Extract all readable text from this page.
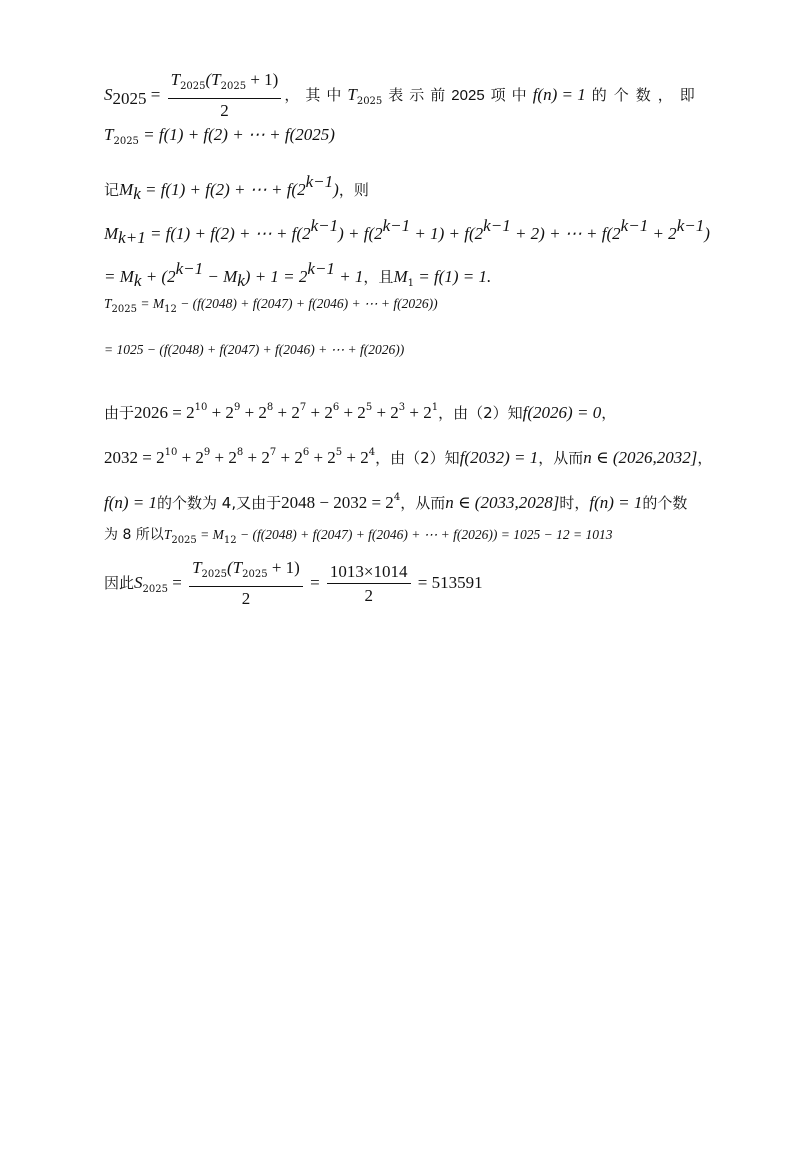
$S_{2025} = \frac{T_{2025}(T_{2025} + 1)}{2}$ ，其中$T_{2025}$ 表示前2025 项中f(n) = 1 的个数，即
$T_{2025} = f(1) + f(2)$ + ⋯ + f(2025)
记$M_k = f(1) + f(2)$ + ⋯ + $f(2^{k-1})$，则
$M_{k+1} = f(1) + f(2)$ + ⋯ + $f(2^{k-1}) + f(2^{k-1} + 1) + f(2^{k-1} + 2)$ + ⋯ + $f(2^{k-1} + 2^{k-1})$
= $M_k + (2^{k-1} - M_k) + 1 = 2^{k-1} + 1$，且$M_1 = f(1) = 1$.
$T_{2025} = M_{12} - (f(2048) + f(2047) + f(2046)$ + ⋯ + f(2026))
= 1025 − (f(2048) + f(2047) + f(2046) + ⋯ + f(2026))
由于$2026 = 2^{10} + 2^9 + 2^8 + 2^7 + 2^6 + 2^5 + 2^3 + 2^1$，由（2）知f(2026) = 0，
$2032 = 2^{10} + 2^9 + 2^8 + 2^7 + 2^6 + 2^5 + 2^4$，由（2）知f(2032) = 1，从而n ∈ (2026,2032]，
f(n) = 1的个数为 4,又由于$2048 - 2032 = 2^4$，从而n ∈ (2033,2028]时，f(n) = 1的个数
为 8 所以$T_{2025} = M_{12} - (f(2048) + f(2047) + f(2046)$ + ⋯ + f(2026)) = 1025 − 12 = 1013
因此$S_{2025} = \frac{T_{2025}(T_{2025} + 1)}{2} = \frac{1013\times 1014}{2} = 513591$
